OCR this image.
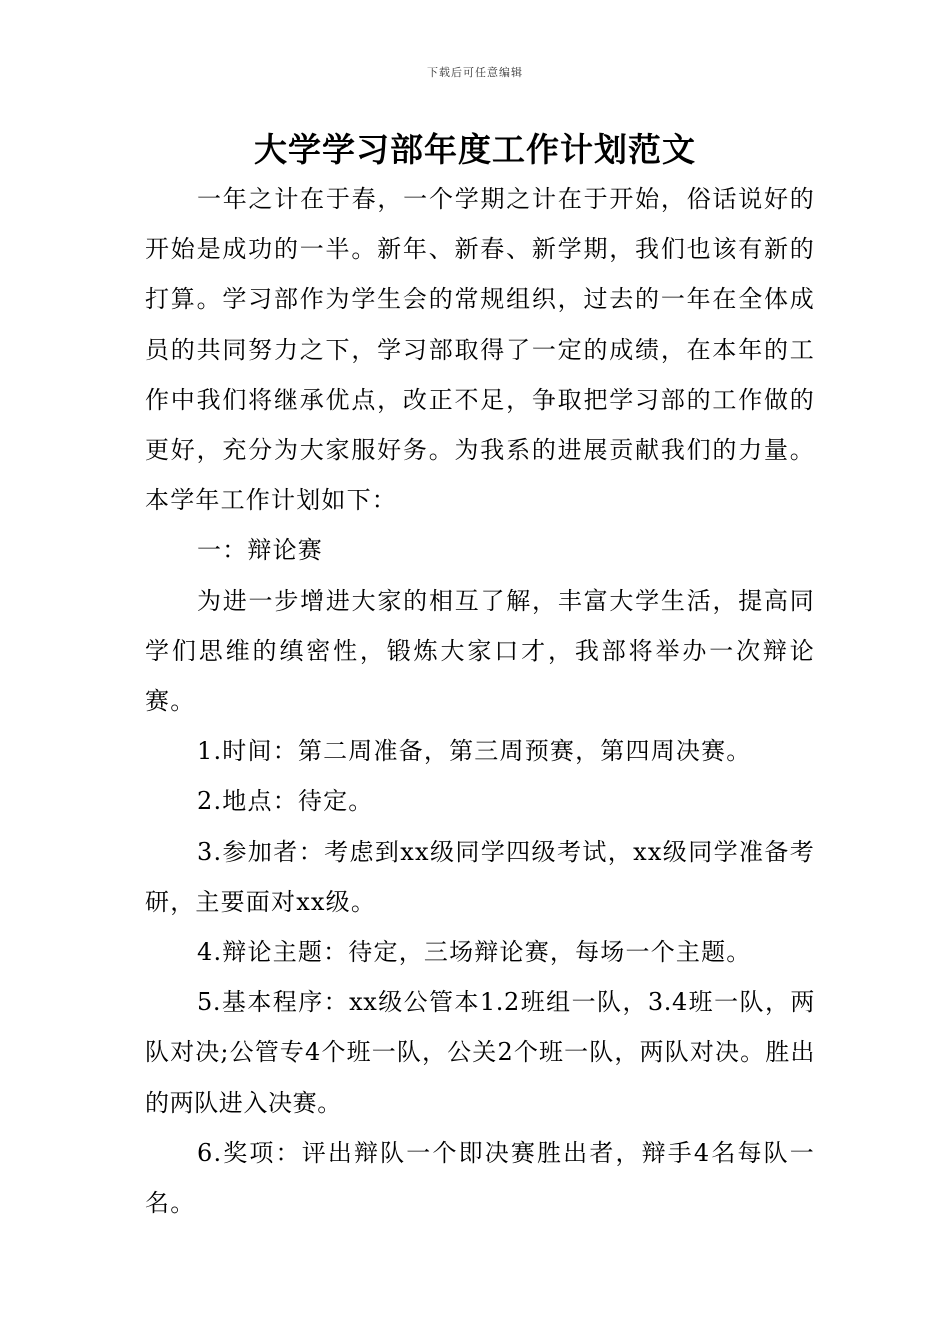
下载后可任意编辑
大学学习部年度工作计划范文

一年之计在于春，一个学期之计在于开始，俗话说好的开始是成功的一半。新年、新春、新学期，我们也该有新的打算。学习部作为学生会的常规组织，过去的一年在全体成员的共同努力之下，学习部取得了一定的成绩，在本年的工作中我们将继承优点，改正不足，争取把学习部的工作做的更好，充分为大家服好务。为我系的进展贡献我们的力量。本学年工作计划如下：

一：辩论赛

为进一步增进大家的相互了解，丰富大学生活，提高同学们思维的缜密性，锻炼大家口才，我部将举办一次辩论赛。

1.时间：第二周准备，第三周预赛，第四周决赛。

2.地点：待定。

3.参加者：考虑到xx级同学四级考试，xx级同学准备考研，主要面对xx级。

4.辩论主题：待定，三场辩论赛，每场一个主题。

5.基本程序：xx级公管本1.2班组一队，3.4班一队，两队对决;公管专4个班一队，公关2个班一队，两队对决。胜出的两队进入决赛。

6.奖项：评出辩队一个即决赛胜出者，辩手4名每队一名。
